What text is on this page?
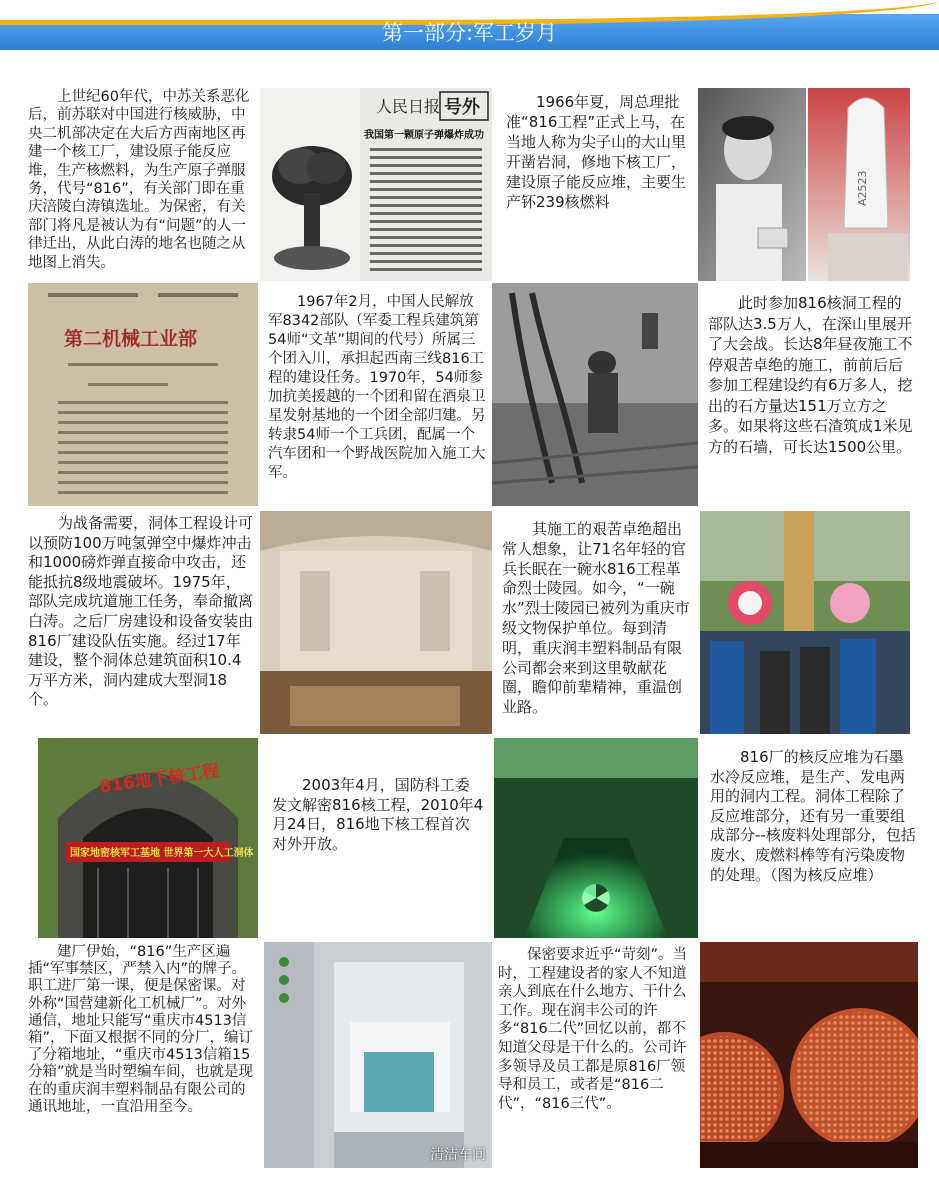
第一部分:军工岁月
上世纪60年代，中苏关系恶化后，前苏联对中国进行核威胁，中央二机部决定在大后方西南地区再建一个核工厂，建设原子能反应堆，生产核燃料，为生产原子弹服务，代号“816”，有关部门即在重庆涪陵白涛镇选址。为保密，有关部门将凡是被认为有“问题”的人一律迁出，从此白涛的地名也随之从地图上消失。
人民日报 号外
我国第一颗原子弹爆炸成功
1966年夏，周总理批准“816工程”正式上马，在当地人称为尖子山的大山里开凿岩洞，修地下核工厂，建设原子能反应堆，主要生产钚239核燃料	A2523
第二机械工业部
1967年2月，中国人民解放军8342部队（军委工程兵建筑第54师“文革”期间的代号）所属三个团入川，承担起西南三线816工程的建设任务。1970年，54师参加抗美援越的一个团和留在酒泉卫星发射基地的一个团全部归建。另转隶54师一个工兵团，配属一个汽车团和一个野战医院加入施工大军。
此时参加816核洞工程的部队达3.5万人，在深山里展开了大会战。长达8年昼夜施工不停艰苦卓绝的施工，前前后后参加工程建设约有6万多人，挖出的石方量达151万立方之多。如果将这些石渣筑成1米见方的石墙，可长达1500公里。
为战备需要，洞体工程设计可以预防100万吨氢弹空中爆炸冲击和1000磅炸弹直接命中攻击，还能抵抗8级地震破坏。1975年，部队完成坑道施工任务，奉命撤离白涛。之后厂房建设和设备安装由816厂建设队伍实施。经过17年建设，整个洞体总建筑面积10.4万平方米，洞内建成大型洞18个。
其施工的艰苦卓绝超出常人想象，让71名年轻的官兵长眠在一碗水816工程革命烈士陵园。如今，“一碗水”烈士陵园已被列为重庆市级文物保护单位。每到清明，重庆润丰塑料制品有限公司都会来到这里敬献花圈，瞻仰前辈精神，重温创业路。
816地下核工程
国家地密核军工基地 世界第一大人工洞体
2003年4月，国防科工委发文解密816核工程，2010年4月24日，816地下核工程首次对外开放。
816厂的核反应堆为石墨水冷反应堆，是生产、发电两用的洞内工程。洞体工程除了反应堆部分，还有另一重要组成部分--核废料处理部分，包括废水、废燃料棒等有污染废物的处理。（图为核反应堆）
建厂伊始，“816”生产区遍插“军事禁区，严禁入内”的牌子。职工进厂第一课，便是保密课。对外称“国营建新化工机械厂”。对外通信，地址只能写“重庆市4513信箱”，下面又根据不同的分厂，编订了分箱地址，“重庆市4513信箱15分箱”就是当时塑编车间，也就是现在的重庆润丰塑料制品有限公司的通讯地址，一直沿用至今。
清洁车间
保密要求近乎“苛刻”。当时，工程建设者的家人不知道亲人到底在什么地方、干什么工作。现在润丰公司的许多“816二代”回忆以前，都不知道父母是干什么的。公司许多领导及员工都是原816厂领导和员工，或者是“816二代”，“816三代”。
